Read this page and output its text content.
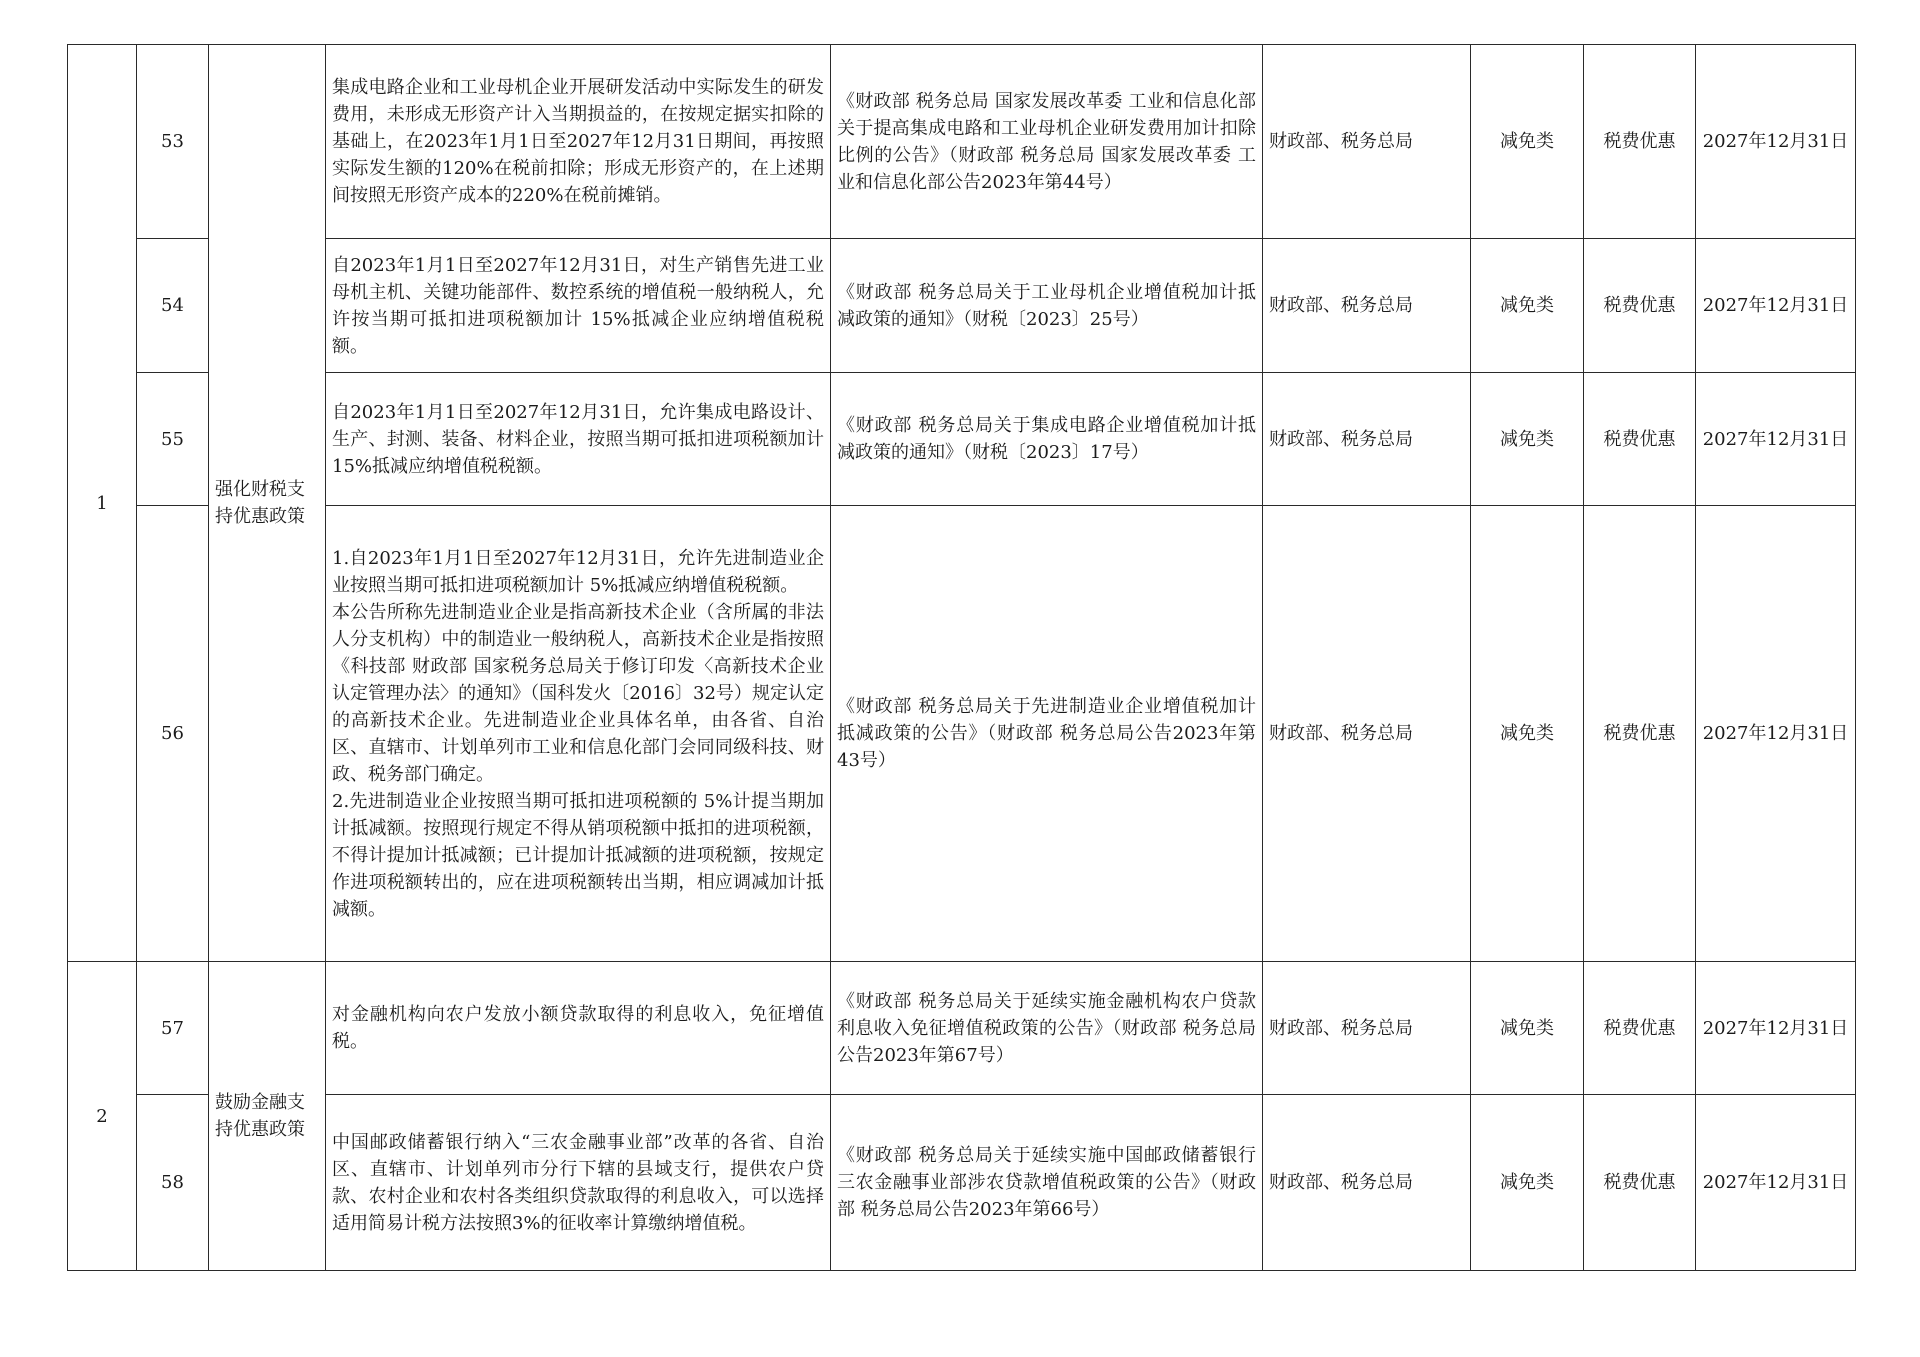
1	53	强化财税支持优惠政策	集成电路企业和工业母机企业开展研发活动中实际发生的研发费用，未形成无形资产计入当期损益的，在按规定据实扣除的基础上，在2023年1月1日至2027年12月31日期间，再按照实际发生额的120%在税前扣除；形成无形资产的，在上述期间按照无形资产成本的220%在税前摊销。	《财政部 税务总局 国家发展改革委 工业和信息化部关于提高集成电路和工业母机企业研发费用加计扣除比例的公告》（财政部 税务总局 国家发展改革委 工业和信息化部公告2023年第44号）	财政部、税务总局	减免类	税费优惠	2027年12月31日
	54		自2023年1月1日至2027年12月31日，对生产销售先进工业母机主机、关键功能部件、数控系统的增值税一般纳税人，允许按当期可抵扣进项税额加计 15%抵减企业应纳增值税税额。	《财政部 税务总局关于工业母机企业增值税加计抵减政策的通知》（财税〔2023〕25号）	财政部、税务总局	减免类	税费优惠	2027年12月31日
	55		自2023年1月1日至2027年12月31日，允许集成电路设计、生产、封测、装备、材料企业，按照当期可抵扣进项税额加计15%抵减应纳增值税税额。	《财政部 税务总局关于集成电路企业增值税加计抵减政策的通知》（财税〔2023〕17号）	财政部、税务总局	减免类	税费优惠	2027年12月31日
	56		1.自2023年1月1日至2027年12月31日，允许先进制造业企业按照当期可抵扣进项税额加计 5%抵减应纳增值税税额。
本公告所称先进制造业企业是指高新技术企业（含所属的非法人分支机构）中的制造业一般纳税人，高新技术企业是指按照《科技部 财政部 国家税务总局关于修订印发〈高新技术企业认定管理办法〉的通知》（国科发火〔2016〕32号）规定认定的高新技术企业。先进制造业企业具体名单，由各省、自治区、直辖市、计划单列市工业和信息化部门会同同级科技、财政、税务部门确定。
2.先进制造业企业按照当期可抵扣进项税额的 5%计提当期加计抵减额。按照现行规定不得从销项税额中抵扣的进项税额，不得计提加计抵减额；已计提加计抵减额的进项税额，按规定作进项税额转出的，应在进项税额转出当期，相应调减加计抵减额。	《财政部 税务总局关于先进制造业企业增值税加计抵减政策的公告》（财政部 税务总局公告2023年第43号）	财政部、税务总局	减免类	税费优惠	2027年12月31日
2	57	鼓励金融支持优惠政策	对金融机构向农户发放小额贷款取得的利息收入，免征增值税。	《财政部 税务总局关于延续实施金融机构农户贷款利息收入免征增值税政策的公告》（财政部 税务总局公告2023年第67号）	财政部、税务总局	减免类	税费优惠	2027年12月31日
	58		中国邮政储蓄银行纳入“三农金融事业部”改革的各省、自治区、直辖市、计划单列市分行下辖的县域支行，提供农户贷款、农村企业和农村各类组织贷款取得的利息收入，可以选择适用简易计税方法按照3%的征收率计算缴纳增值税。	《财政部 税务总局关于延续实施中国邮政储蓄银行三农金融事业部涉农贷款增值税政策的公告》（财政部 税务总局公告2023年第66号）	财政部、税务总局	减免类	税费优惠	2027年12月31日
